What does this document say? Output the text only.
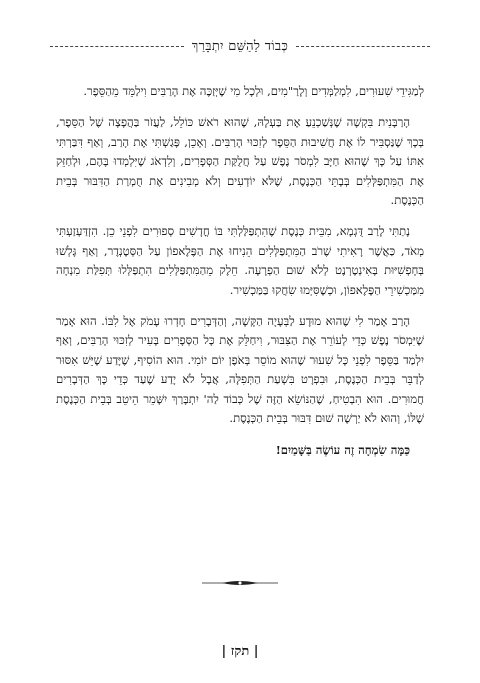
כְּבוֹד לַהַשֵּׁם יִתְבָּרַךְ

לְמַגִּידֵי שִׁעוּרִים, לִמְלַמְּדִים וְלָרַ"מִים, וּלְכָל מִי שֶׁיְּזַכֶּה אֶת הָרַבִּים וִילַמֵּד מֵהַסֵּפֶר.

הָרַבָּנִית בִּקְשָׁה שֶׁנְּשַׁכְנֵעַ אֶת בַּעְלָהּ, שֶׁהוּא רֹאשׁ כּוֹלֵל, לַעֲזֹר בַּהֲפָצָה שֶׁל הַסֵּפֶר, בְּכָךְ שֶׁנַּסְבִּיר לוֹ אֶת חֲשִׁיבוּת הַסֵּפֶר לְזִכּוּי הָרַבִּים. וְאָכֵן, פָּגַשְׁתִּי אֶת הָרַב, וְאַף דִּבַּרְתִּי אִתּוֹ עַל כָּךְ שֶׁהוּא חַיָּב לִמְסֹר נֶפֶשׁ עַל חֲלֻקַּת הַסְּפָרִים, וְלִדְאֹג שֶׁיִּלְמְדוּ בָּהֶם, וּלְחַזֵּק אֶת הַמִּתְפַּלְּלִים בְּבָתֵּי הַכְּנֶסֶת, שֶׁלֹּא יוֹדְעִים וְלֹא מְבִינִים אֶת חֻמְרַת הַדִּבּוּר בְּבֵית הַכְּנֶסֶת.

נָתַתִּי לָרַב דֻּגְמָא, מִבֵּית כְּנֶסֶת שֶׁהִתְפַּלַּלְתִּי בּוֹ חֳדָשִׁים סְפוּרִים לִפְנֵי כֵן. הִזְדַּעְזַעְתִּי מְאֹד, כַּאֲשֶׁר רָאִיתִי שֶׁרֹב הַמִּתְפַּלְּלִים הֵנִיחוּ אֶת הַפֶּלֶאפוֹן עַל הַסְּטֶנְדֶר, וְאַף גָּלְשׁוּ בְּחָפְשִׁיּוּת בָּאִינְטֶרְנֶט לְלֹא שׁוּם הַפְרָעָה. חֵלֶק מֵהַמִּתְפַּלְּלִים הִתְפַּלְּלוּ תְּפִלַּת מִנְחָה מִמַּכְשִׁירֵי הַפֶּלֶאפוֹן, וּכְשֶׁסִּיְּמוּ שִׂחֲקוּ בַּמַּכְשִׁיר.

הָרַב אָמַר לִי שֶׁהוּא מוּדָע לַבְּעָיָה הַקָּשָׁה, וְהַדְּבָרִים חָדְרוּ עָמֹק אֶל לִבּוֹ. הוּא אָמַר שֶׁיִּמְסֹר נֶפֶשׁ כְּדֵי לְעוֹרֵר אֶת הַצִּבּוּר, וִיחַלֵּק אֶת כָּל הַסְּפָרִים בָּעִיר לְזִכּוּי הָרַבִּים, וְאַף יִלְמַד בַּסֵּפֶר לִפְנֵי כָּל שִׁעוּר שֶׁהוּא מוֹסֵר בְּאֹפֶן יוֹם יוֹמִי. הוּא הוֹסִיף, שֶׁיָּדַע שֶׁיֵּשׁ אִסּוּר לְדַבֵּר בְּבֵית הַכְּנֶסֶת, וּבִפְרָט בִּשְׁעַת הַתְּפִלָּה, אֲבָל לֹא יָדַע שֶׁעַד כְּדֵי כָּךְ הַדְּבָרִים חֲמוּרִים. הוּא הִבְטִיחַ, שֶׁהַנּוֹשֵׂא הַזֶּה שֶׁל כְּבוֹד לַה' יִתְבָּרַךְ יִשָּׁמֵר הֵיטֵב בְּבֵית הַכְּנֶסֶת שֶׁלּוֹ, וְהוּא לֹא יַרְשֶׁה שׁוּם דִּבּוּר בְּבֵית הַכְּנֶסֶת.

כַּמָּה שִׂמְחָה זֶה עוֹשֶׂה בַּשָּׁמַיִם!

| תקז |
